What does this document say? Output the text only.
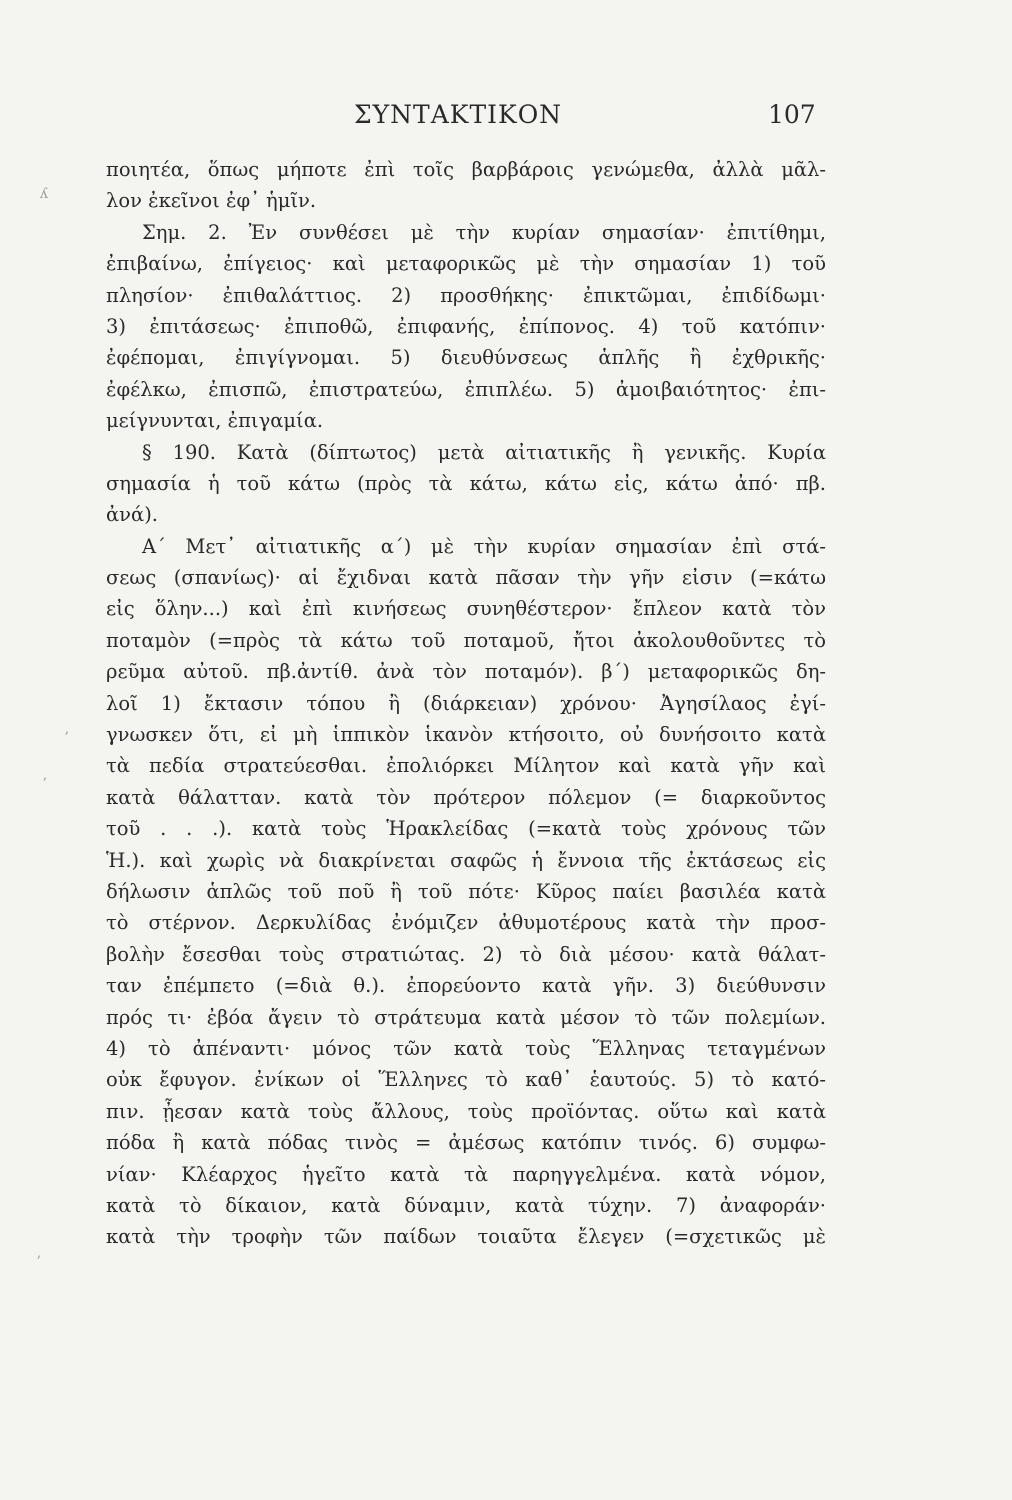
ΣΥΝΤΑΚΤΙΚΟΝ	107
ʎ
ʼ
ʼ
ʼ
ποιητέα, ὅπως μήποτε ἐπὶ τοῖς βαρβάροις γενώμεθα, ἀλλὰ μᾶλ-
λον ἐκεῖνοι ἐφ᾽ ἡμῖν.
Σημ. 2. Ἐν συνθέσει μὲ τὴν κυρίαν σημασίαν· ἐπιτίθημι,
ἐπιβαίνω, ἐπίγειος· καὶ μεταφορικῶς μὲ τὴν σημασίαν 1) τοῦ
πλησίον· ἐπιθαλάττιος. 2) προσθήκης· ἐπικτῶμαι, ἐπιδίδωμι·
3) ἐπιτάσεως· ἐπιποθῶ, ἐπιφανής, ἐπίπονος. 4) τοῦ κατόπιν·
ἐφέπομαι, ἐπιγίγνομαι. 5) διευθύνσεως ἁπλῆς ἢ ἐχθρικῆς·
ἐφέλκω, ἐπισπῶ, ἐπιστρατεύω, ἐπιπλέω. 5) ἀμοιβαιότητος· ἐπι-
μείγνυνται, ἐπιγαμία.
§ 190. Κατὰ (δίπτωτος) μετὰ αἰτιατικῆς ἢ γενικῆς. Κυρία
σημασία ἡ τοῦ κάτω (πρὸς τὰ κάτω, κάτω εἰς, κάτω ἀπό· πβ.
ἀνά).
Α΄ Μετ᾽ αἰτιατικῆς α΄) μὲ τὴν κυρίαν σημασίαν ἐπὶ στά-
σεως (σπανίως)· αἱ ἔχιδναι κατὰ πᾶσαν τὴν γῆν εἰσιν (=κάτω
εἰς ὅλην...) καὶ ἐπὶ κινήσεως συνηθέστερον· ἔπλεον κατὰ τὸν
ποταμὸν (=πρὸς τὰ κάτω τοῦ ποταμοῦ, ἤτοι ἀκολουθοῦντες τὸ
ρεῦμα αὐτοῦ. πβ.ἀντίθ. ἀνὰ τὸν ποταμόν). β΄) μεταφορικῶς δη-
λοῖ 1) ἔκτασιν τόπου ἢ (διάρκειαν) χρόνου· Ἀγησίλαος ἐγί-
γνωσκεν ὅτι, εἰ μὴ ἱππικὸν ἱκανὸν κτήσοιτο, οὐ δυνήσοιτο κατὰ
τὰ πεδία στρατεύεσθαι. ἐπολιόρκει Μίλητον καὶ κατὰ γῆν καὶ
κατὰ θάλατταν. κατὰ τὸν πρότερον πόλεμον (= διαρκοῦντος
τοῦ . . .). κατὰ τοὺς Ἡρακλείδας (=κατὰ τοὺς χρόνους τῶν
Ἡ.). καὶ χωρὶς νὰ διακρίνεται σαφῶς ἡ ἔννοια τῆς ἐκτάσεως εἰς
δήλωσιν ἁπλῶς τοῦ ποῦ ἢ τοῦ πότε· Κῦρος παίει βασιλέα κατὰ
τὸ στέρνον. Δερκυλίδας ἐνόμιζεν ἀθυμοτέρους κατὰ τὴν προσ-
βολὴν ἔσεσθαι τοὺς στρατιώτας. 2) τὸ διὰ μέσου· κατὰ θάλατ-
ταν ἐπέμπετο (=διὰ θ.). ἐπορεύοντο κατὰ γῆν. 3) διεύθυνσιν
πρός τι· ἐβόα ἄγειν τὸ στράτευμα κατὰ μέσον τὸ τῶν πολεμίων.
4) τὸ ἀπέναντι· μόνος τῶν κατὰ τοὺς Ἕλληνας τεταγμένων
οὐκ ἔφυγον. ἐνίκων οἱ Ἕλληνες τὸ καθ᾽ ἑαυτούς. 5) τὸ κατό-
πιν. ᾖεσαν κατὰ τοὺς ἄλλους, τοὺς προϊόντας. οὕτω καὶ κατὰ
πόδα ἢ κατὰ πόδας τινὸς = ἀμέσως κατόπιν τινός. 6) συμφω-
νίαν· Κλέαρχος ἡγεῖτο κατὰ τὰ παρηγγελμένα. κατὰ νόμον,
κατὰ τὸ δίκαιον, κατὰ δύναμιν, κατὰ τύχην. 7) ἀναφοράν·
κατὰ τὴν τροφὴν τῶν παίδων τοιαῦτα ἔλεγεν (=σχετικῶς μὲ
